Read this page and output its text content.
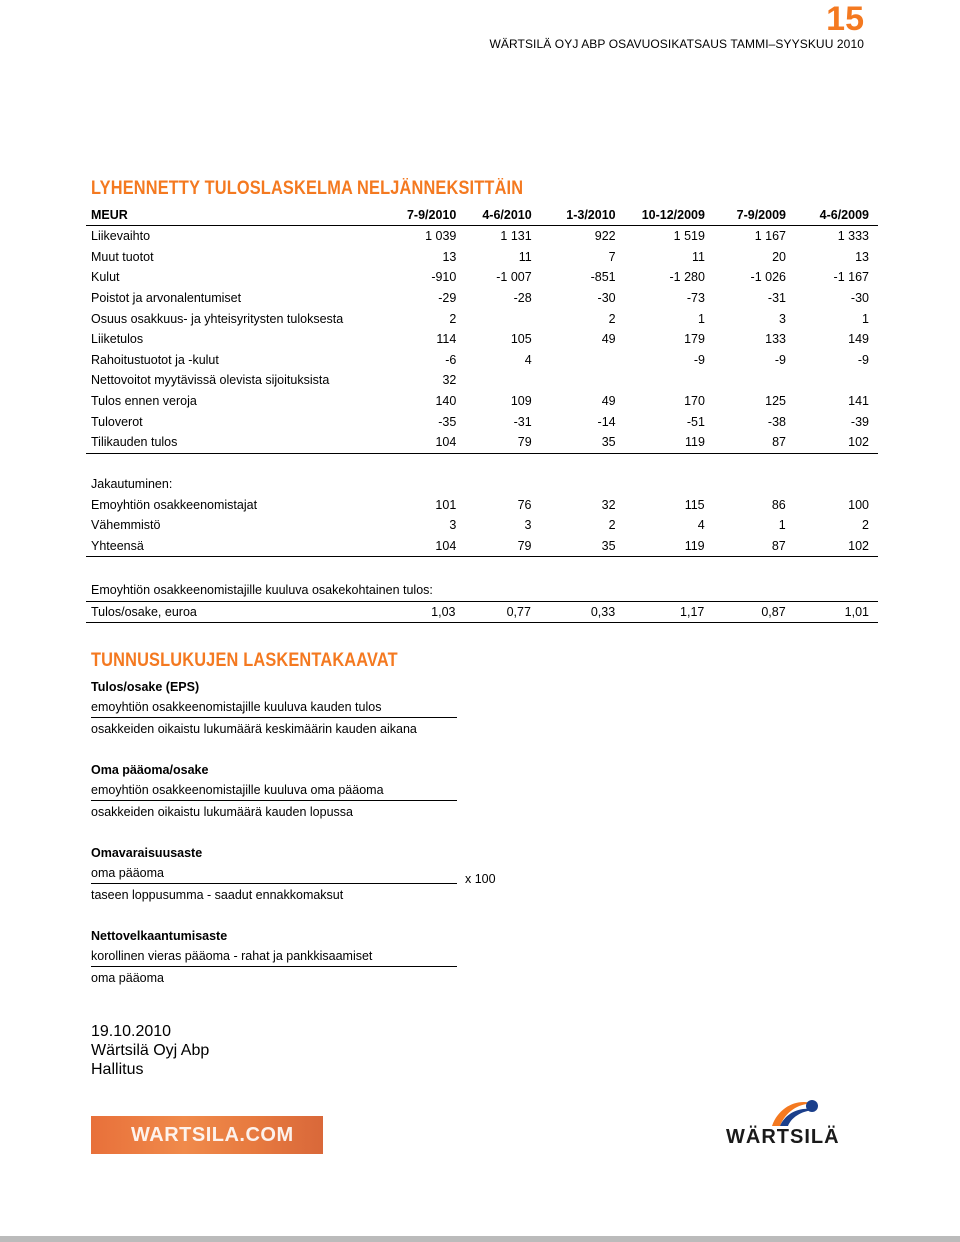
15
WÄRTSILÄ OYJ ABP OSAVUOSIKATSAUS TAMMI–SYYSKUU 2010
LYHENNETTY TULOSLASKELMA NELJÄNNEKSITTÄIN
MEUR	7-9/2010	4-6/2010	1-3/2010	10-12/2009	7-9/2009	4-6/2009
Liikevaihto	1 039	1 131	922	1 519	1 167	1 333
Muut tuotot	13	11	7	11	20	13
Kulut	-910	-1 007	-851	-1 280	-1 026	-1 167
Poistot ja arvonalentumiset	-29	-28	-30	-73	-31	-30
Osuus osakkuus- ja yhteisyritysten tuloksesta	2		2	1	3	1
Liiketulos	114	105	49	179	133	149
Rahoitustuotot ja -kulut	-6	4		-9	-9	-9
Nettovoitot myytävissä olevista sijoituksista	32					
Tulos ennen veroja	140	109	49	170	125	141
Tuloverot	-35	-31	-14	-51	-38	-39
Tilikauden tulos	104	79	35	119	87	102
Jakautuminen:						
Emoyhtiön osakkeenomistajat	101	76	32	115	86	100
Vähemmistö	3	3	2	4	1	2
Yhteensä	104	79	35	119	87	102
Emoyhtiön osakkeenomistajille kuuluva osakekohtainen tulos:
Tulos/osake, euroa	1,03	0,77	0,33	1,17	0,87	1,01
TUNNUSLUKUJEN LASKENTAKAAVAT
Tulos/osake (EPS)
emoyhtiön osakkeenomistajille kuuluva kauden tulos
osakkeiden oikaistu lukumäärä keskimäärin kauden aikana
Oma pääoma/osake
emoyhtiön osakkeenomistajille kuuluva oma pääoma
osakkeiden oikaistu lukumäärä kauden lopussa
Omavaraisuusaste
oma pääoma
taseen loppusumma - saadut ennakkomaksut
x 100
Nettovelkaantumisaste
korollinen vieras pääoma - rahat ja pankkisaamiset
oma pääoma
19.10.2010
Wärtsilä Oyj Abp
Hallitus
WARTSILA.COM	WÄRTSILÄ
